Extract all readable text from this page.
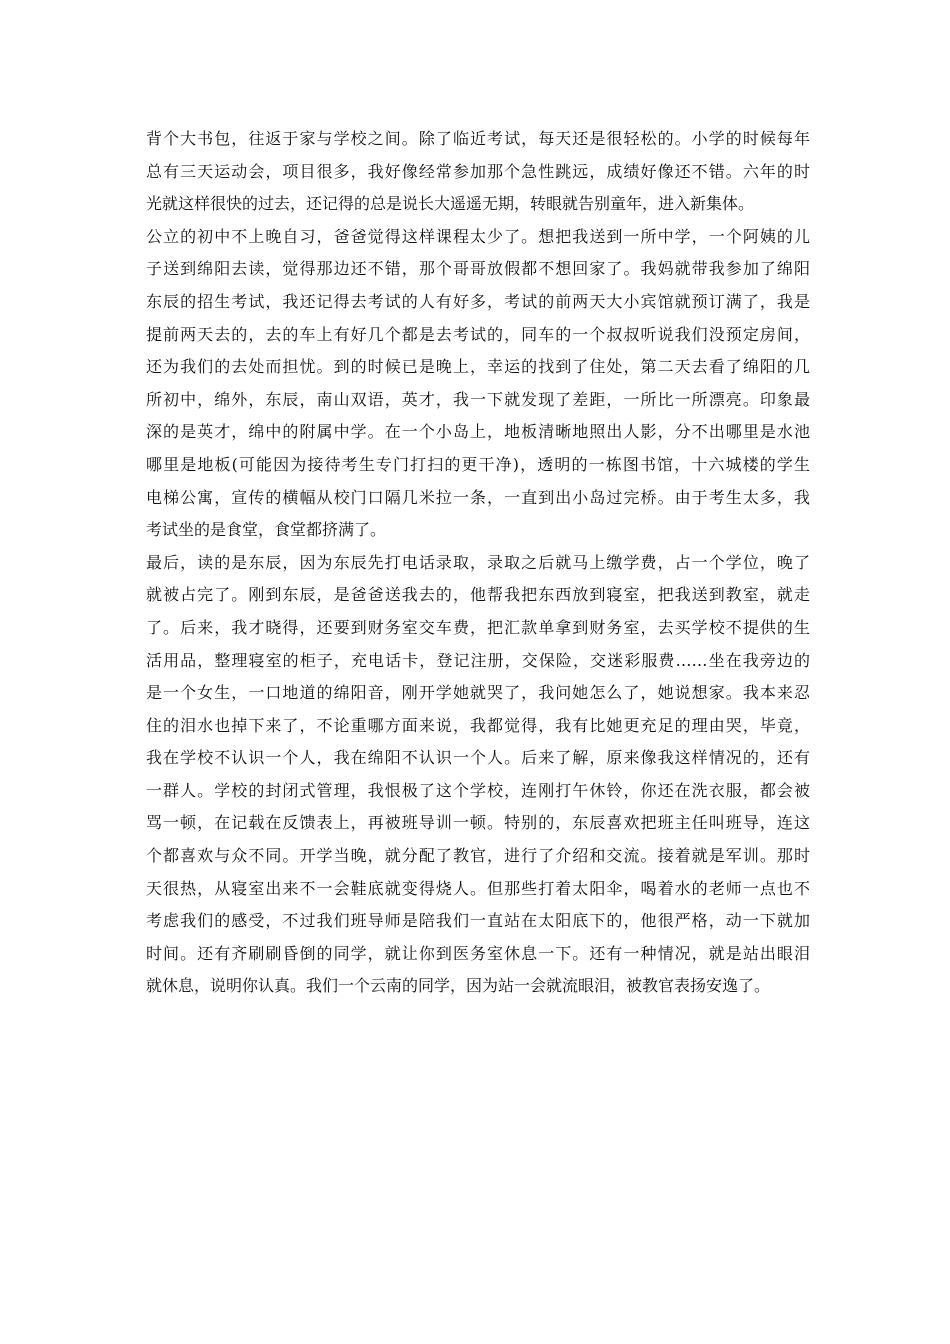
背个大书包，往返于家与学校之间。除了临近考试，每天还是很轻松的。小学的时候每年
总有三天运动会，项目很多，我好像经常参加那个急性跳远，成绩好像还不错。六年的时
光就这样很快的过去，还记得的总是说长大遥遥无期，转眼就告别童年，进入新集体。
公立的初中不上晚自习，爸爸觉得这样课程太少了。想把我送到一所中学，一个阿姨的儿
子送到绵阳去读，觉得那边还不错，那个哥哥放假都不想回家了。我妈就带我参加了绵阳
东辰的招生考试，我还记得去考试的人有好多，考试的前两天大小宾馆就预订满了，我是
提前两天去的，去的车上有好几个都是去考试的，同车的一个叔叔听说我们没预定房间，
还为我们的去处而担忧。到的时候已是晚上，幸运的找到了住处，第二天去看了绵阳的几
所初中，绵外，东辰，南山双语，英才，我一下就发现了差距，一所比一所漂亮。印象最
深的是英才，绵中的附属中学。在一个小岛上，地板清晰地照出人影，分不出哪里是水池
哪里是地板(可能因为接待考生专门打扫的更干净)，透明的一栋图书馆，十六城楼的学生
电梯公寓，宣传的横幅从校门口隔几米拉一条，一直到出小岛过完桥。由于考生太多，我
考试坐的是食堂，食堂都挤满了。
最后，读的是东辰，因为东辰先打电话录取，录取之后就马上缴学费，占一个学位，晚了
就被占完了。刚到东辰，是爸爸送我去的，他帮我把东西放到寝室，把我送到教室，就走
了。后来，我才晓得，还要到财务室交车费，把汇款单拿到财务室，去买学校不提供的生
活用品，整理寝室的柜子，充电话卡，登记注册，交保险，交迷彩服费……坐在我旁边的
是一个女生，一口地道的绵阳音，刚开学她就哭了，我问她怎么了，她说想家。我本来忍
住的泪水也掉下来了，不论重哪方面来说，我都觉得，我有比她更充足的理由哭，毕竟，
我在学校不认识一个人，我在绵阳不认识一个人。后来了解，原来像我这样情况的，还有
一群人。学校的封闭式管理，我恨极了这个学校，连刚打午休铃，你还在洗衣服，都会被
骂一顿，在记载在反馈表上，再被班导训一顿。特别的，东辰喜欢把班主任叫班导，连这
个都喜欢与众不同。开学当晚，就分配了教官，进行了介绍和交流。接着就是军训。那时
天很热，从寝室出来不一会鞋底就变得烧人。但那些打着太阳伞，喝着水的老师一点也不
考虑我们的感受，不过我们班导师是陪我们一直站在太阳底下的，他很严格，动一下就加
时间。还有齐刷刷昏倒的同学，就让你到医务室休息一下。还有一种情况，就是站出眼泪
就休息，说明你认真。我们一个云南的同学，因为站一会就流眼泪，被教官表扬安逸了。
